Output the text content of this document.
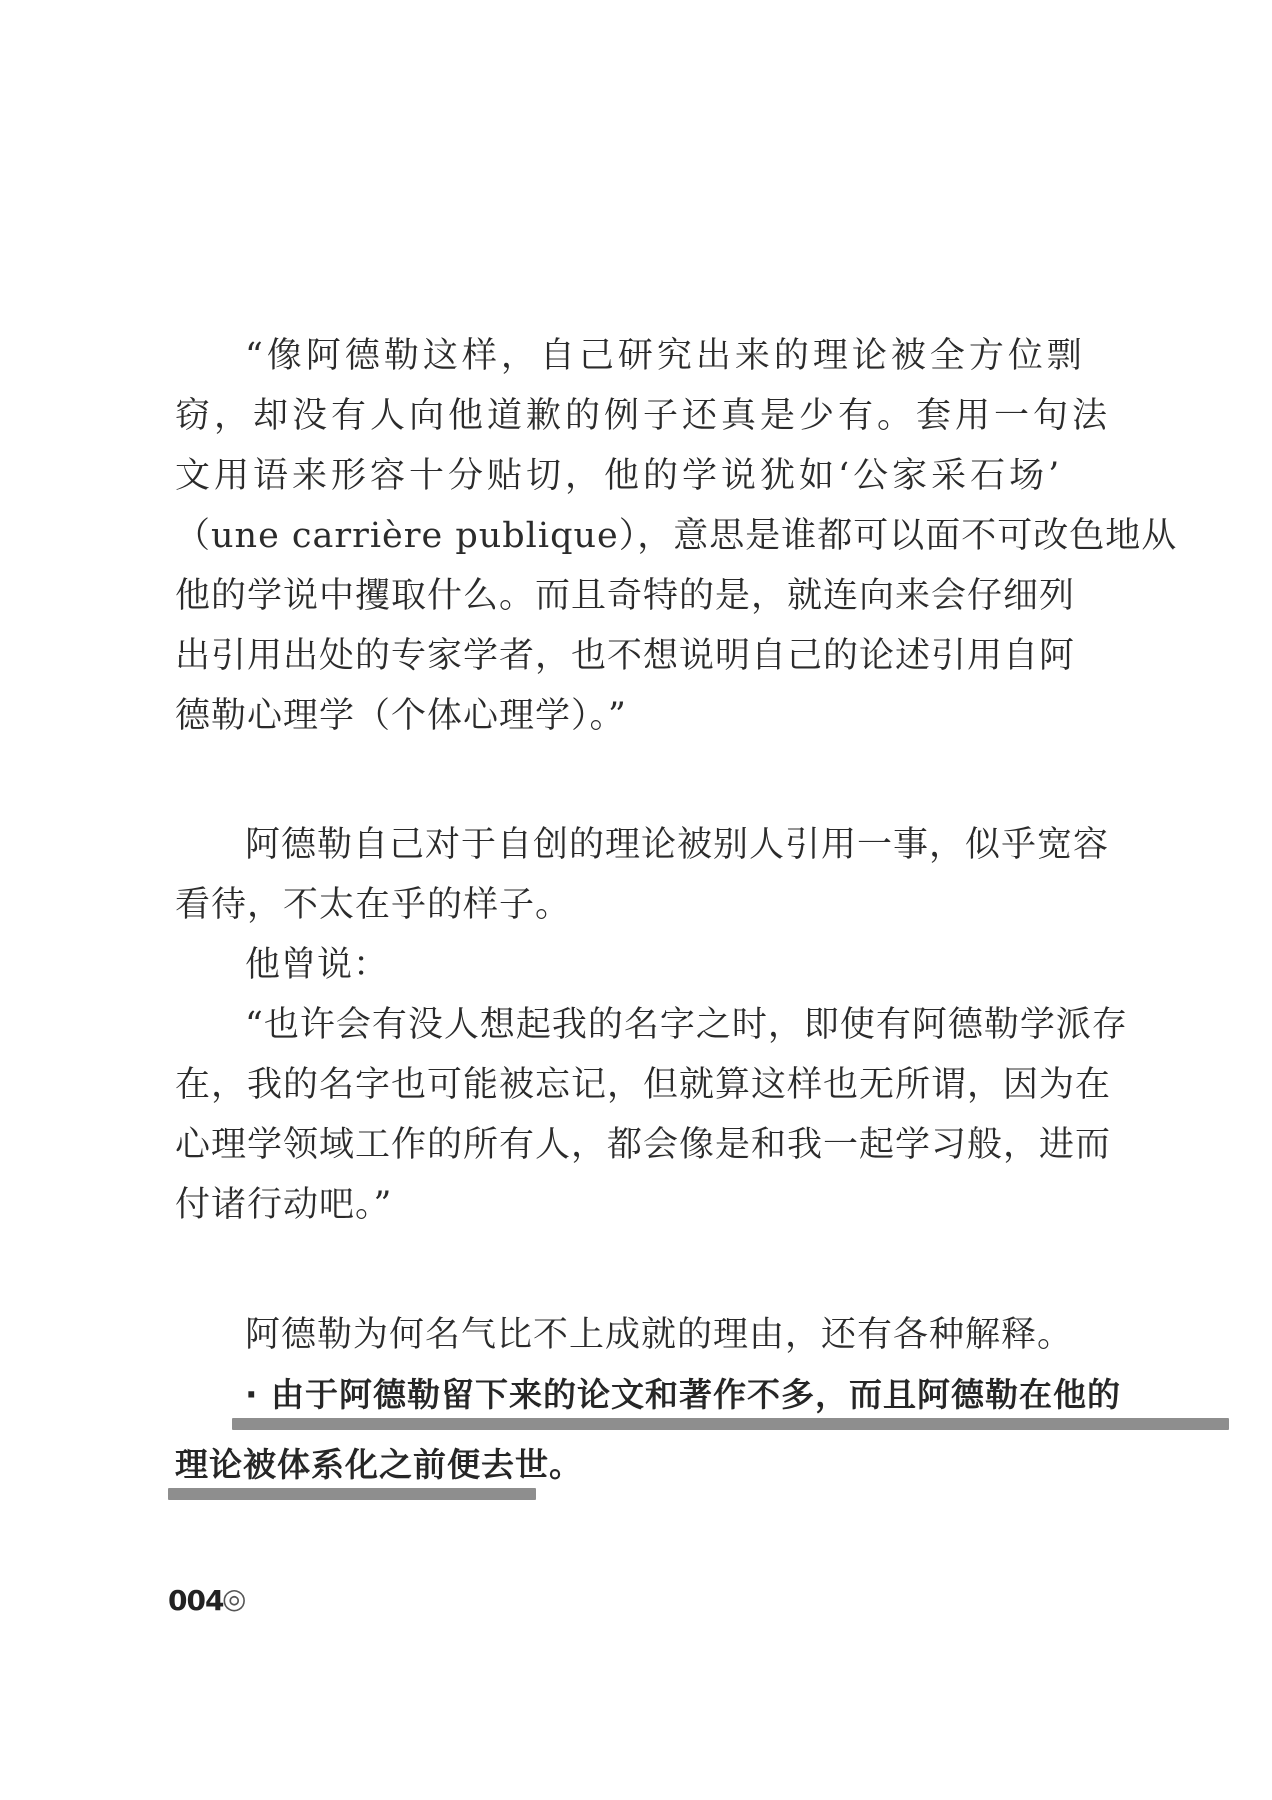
“像阿德勒这样，自己研究出来的理论被全方位剽
窃，却没有人向他道歉的例子还真是少有。套用一句法
文用语来形容十分贴切，他的学说犹如‘公家采石场’
（une carrière publique），意思是谁都可以面不可改色地从
他的学说中攫取什么。而且奇特的是，就连向来会仔细列
出引用出处的专家学者，也不想说明自己的论述引用自阿
德勒心理学（个体心理学）。”
阿德勒自己对于自创的理论被别人引用一事，似乎宽容
看待，不太在乎的样子。
他曾说：
“也许会有没人想起我的名字之时，即使有阿德勒学派存
在，我的名字也可能被忘记，但就算这样也无所谓，因为在
心理学领域工作的所有人，都会像是和我一起学习般，进而
付诸行动吧。”
阿德勒为何名气比不上成就的理由，还有各种解释。
· 由于阿德勒留下来的论文和著作不多，而且阿德勒在他的
理论被体系化之前便去世。
004
◎
